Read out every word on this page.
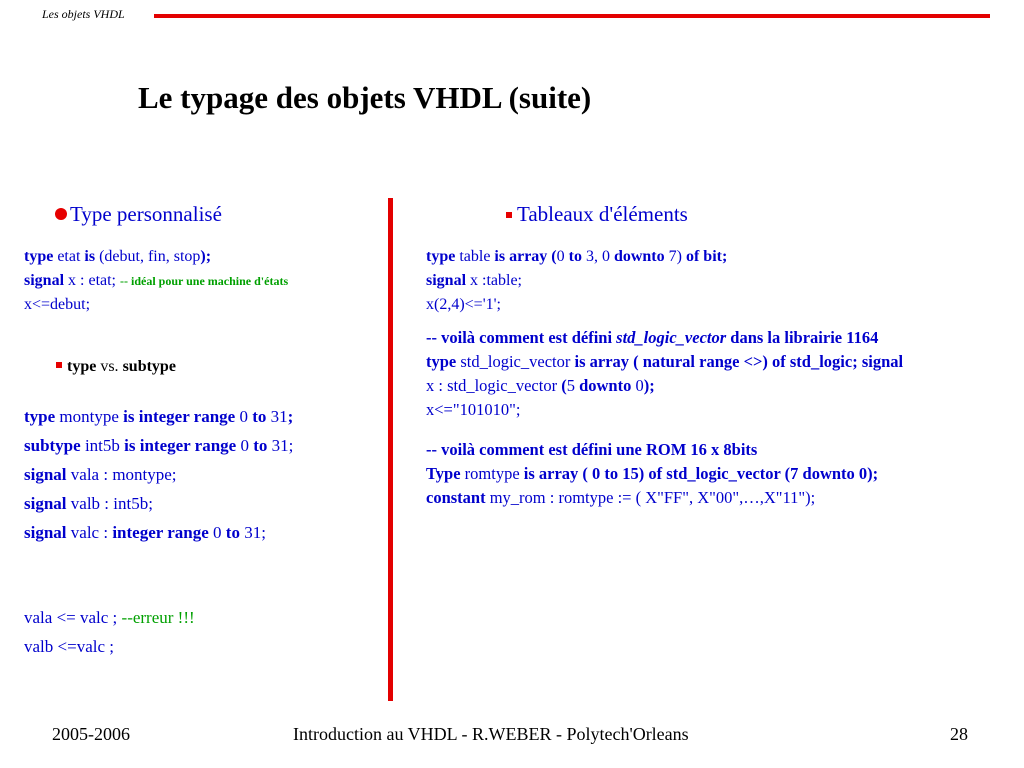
Les objets VHDL
Le typage des objets VHDL (suite)
Type personnalisé
type etat is (debut, fin, stop);
signal x : etat; -- idéal pour une machine d'états
x<=debut;
type vs. subtype
type montype is integer range 0 to 31;
subtype int5b is integer range 0 to 31;
signal vala : montype;
signal valb : int5b;
signal valc : integer range 0 to 31;
vala <= valc ; --erreur !!!
valb <=valc ;
Tableaux d'éléments
type table is array (0 to 3, 0 downto 7) of bit;
signal x :table;
x(2,4)<='1';
-- voilà comment est défini std_logic_vector dans la librairie 1164
type std_logic_vector is array ( natural range <>) of std_logic; signal
x : std_logic_vector (5 downto 0);
x<="101010";
-- voilà comment est défini une ROM 16 x 8bits
Type romtype is array ( 0 to 15) of std_logic_vector (7 downto 0);
constant my_rom : romtype := ( X"FF", X"00",…,X"11");
2005-2006	Introduction au VHDL - R.WEBER - Polytech'Orleans	28
